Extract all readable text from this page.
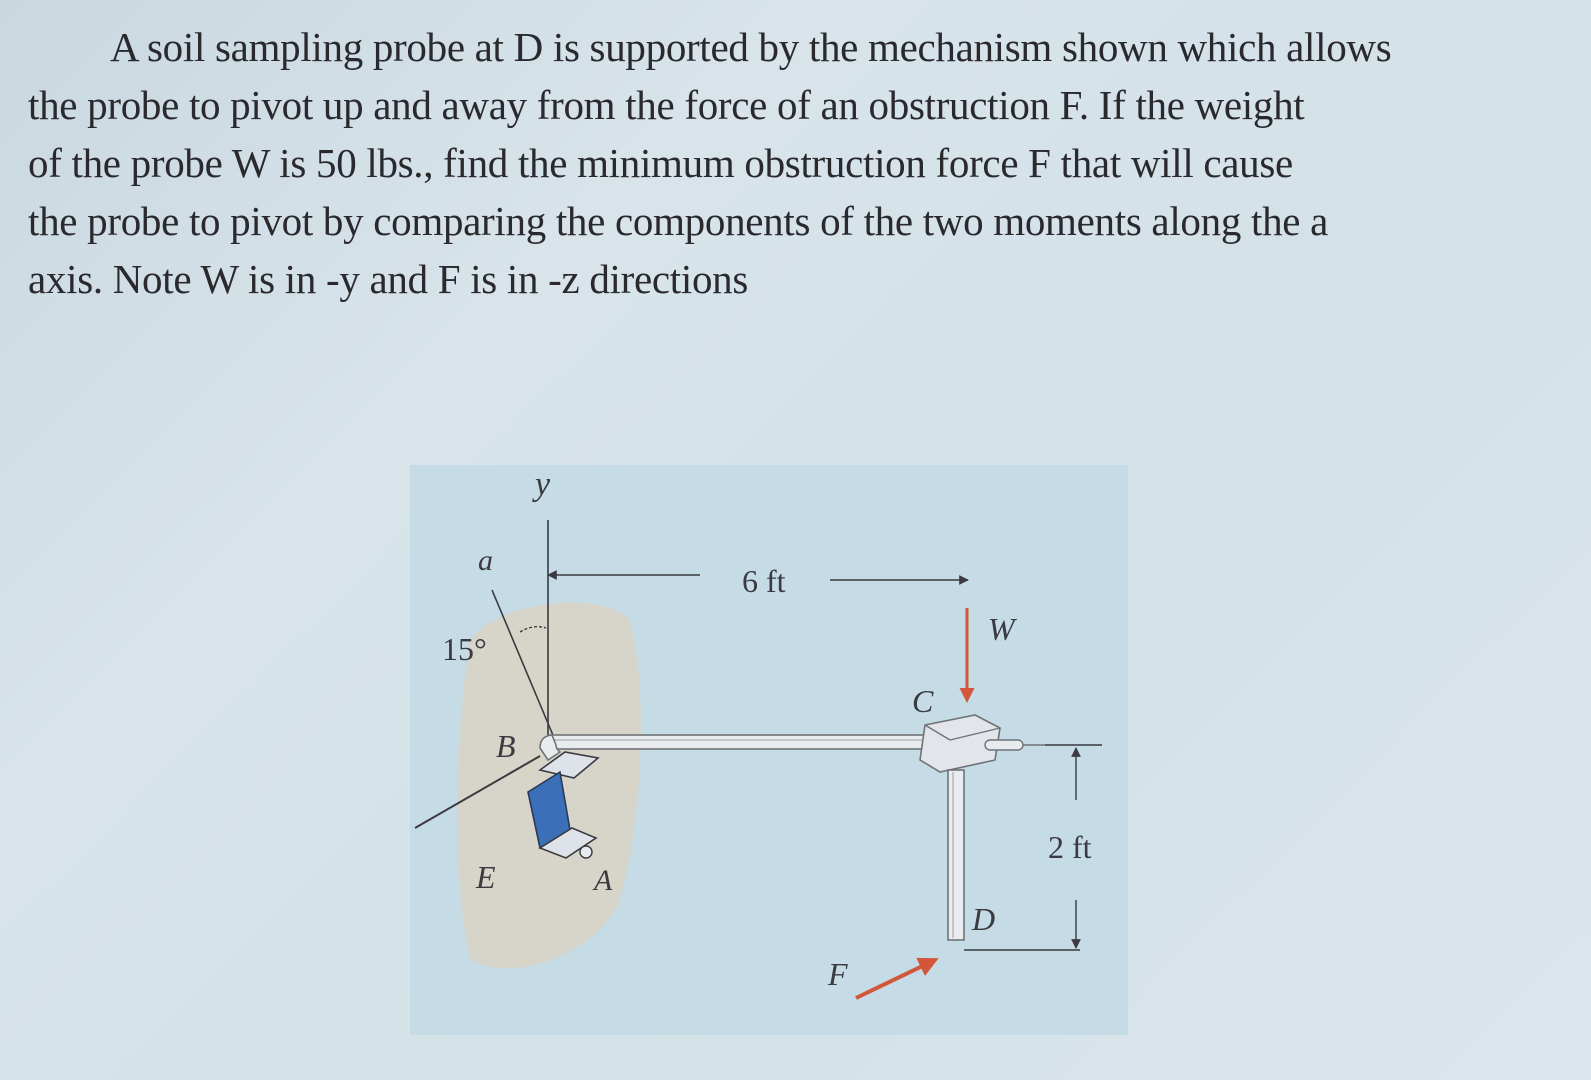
A soil sampling probe at D is supported by the mechanism shown which allows
the probe to pivot up and away from the force of an obstruction F. If the weight
of the probe W is 50 lbs., find the minimum obstruction force F that will cause
the probe to pivot by comparing the components of the two moments along the a
axis. Note W is in -y and F is in -z directions

y
a
15°
6 ft
W
C
B
2 ft
E	A
D
F
